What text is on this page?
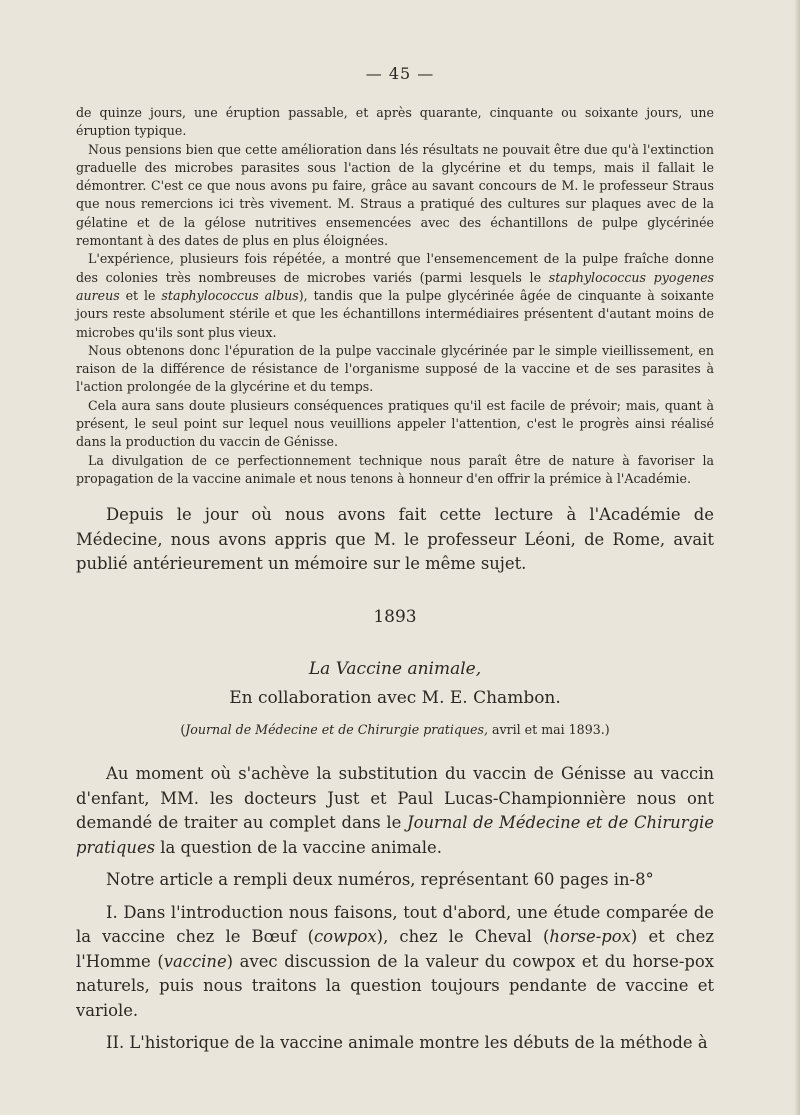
— 45 —

de quinze jours, une éruption passable, et après quarante, cinquante ou soixante jours, une éruption typique.

Nous pensions bien que cette amélioration dans lés résultats ne pouvait être due qu'à l'extinction graduelle des microbes parasites sous l'action de la glycérine et du temps, mais il fallait le démontrer. C'est ce que nous avons pu faire, grâce au savant concours de M. le professeur Straus que nous remercions ici très vivement. M. Straus a pratiqué des cultures sur plaques avec de la gélatine et de la gélose nutritives ensemencées avec des échantillons de pulpe glycérinée remontant à des dates de plus en plus éloignées.

L'expérience, plusieurs fois répétée, a montré que l'ensemencement de la pulpe fraîche donne des colonies très nombreuses de microbes variés (parmi lesquels le staphylococcus pyogenes aureus et le staphylococcus albus), tandis que la pulpe glycérinée âgée de cinquante à soixante jours reste absolument stérile et que les échantillons intermédiaires présentent d'autant moins de microbes qu'ils sont plus vieux.

Nous obtenons donc l'épuration de la pulpe vaccinale glycérinée par le simple vieillissement, en raison de la différence de résistance de l'organisme supposé de la vaccine et de ses parasites à l'action prolongée de la glycérine et du temps.

Cela aura sans doute plusieurs conséquences pratiques qu'il est facile de prévoir; mais, quant à présent, le seul point sur lequel nous veuillions appeler l'attention, c'est le progrès ainsi réalisé dans la production du vaccin de Génisse.

La divulgation de ce perfectionnement technique nous paraît être de nature à favoriser la propagation de la vaccine animale et nous tenons à honneur d'en offrir la prémice à l'Académie.

Depuis le jour où nous avons fait cette lecture à l'Académie de Médecine, nous avons appris que M. le professeur Léoni, de Rome, avait publié antérieurement un mémoire sur le même sujet.

1893
La Vaccine animale,
En collaboration avec M. E. Chambon.
(Journal de Médecine et de Chirurgie pratiques, avril et mai 1893.)

Au moment où s'achève la substitution du vaccin de Génisse au vaccin d'enfant, MM. les docteurs Just et Paul Lucas-Championnière nous ont demandé de traiter au complet dans le Journal de Médecine et de Chirurgie pratiques la question de la vaccine animale.

Notre article a rempli deux numéros, représentant 60 pages in-8°

I. Dans l'introduction nous faisons, tout d'abord, une étude comparée de la vaccine chez le Bœuf (cowpox), chez le Cheval (horse-pox) et chez l'Homme (vaccine) avec discussion de la valeur du cowpox et du horse-pox naturels, puis nous traitons la question toujours pendante de vaccine et variole.

II. L'historique de la vaccine animale montre les débuts de la méthode à
